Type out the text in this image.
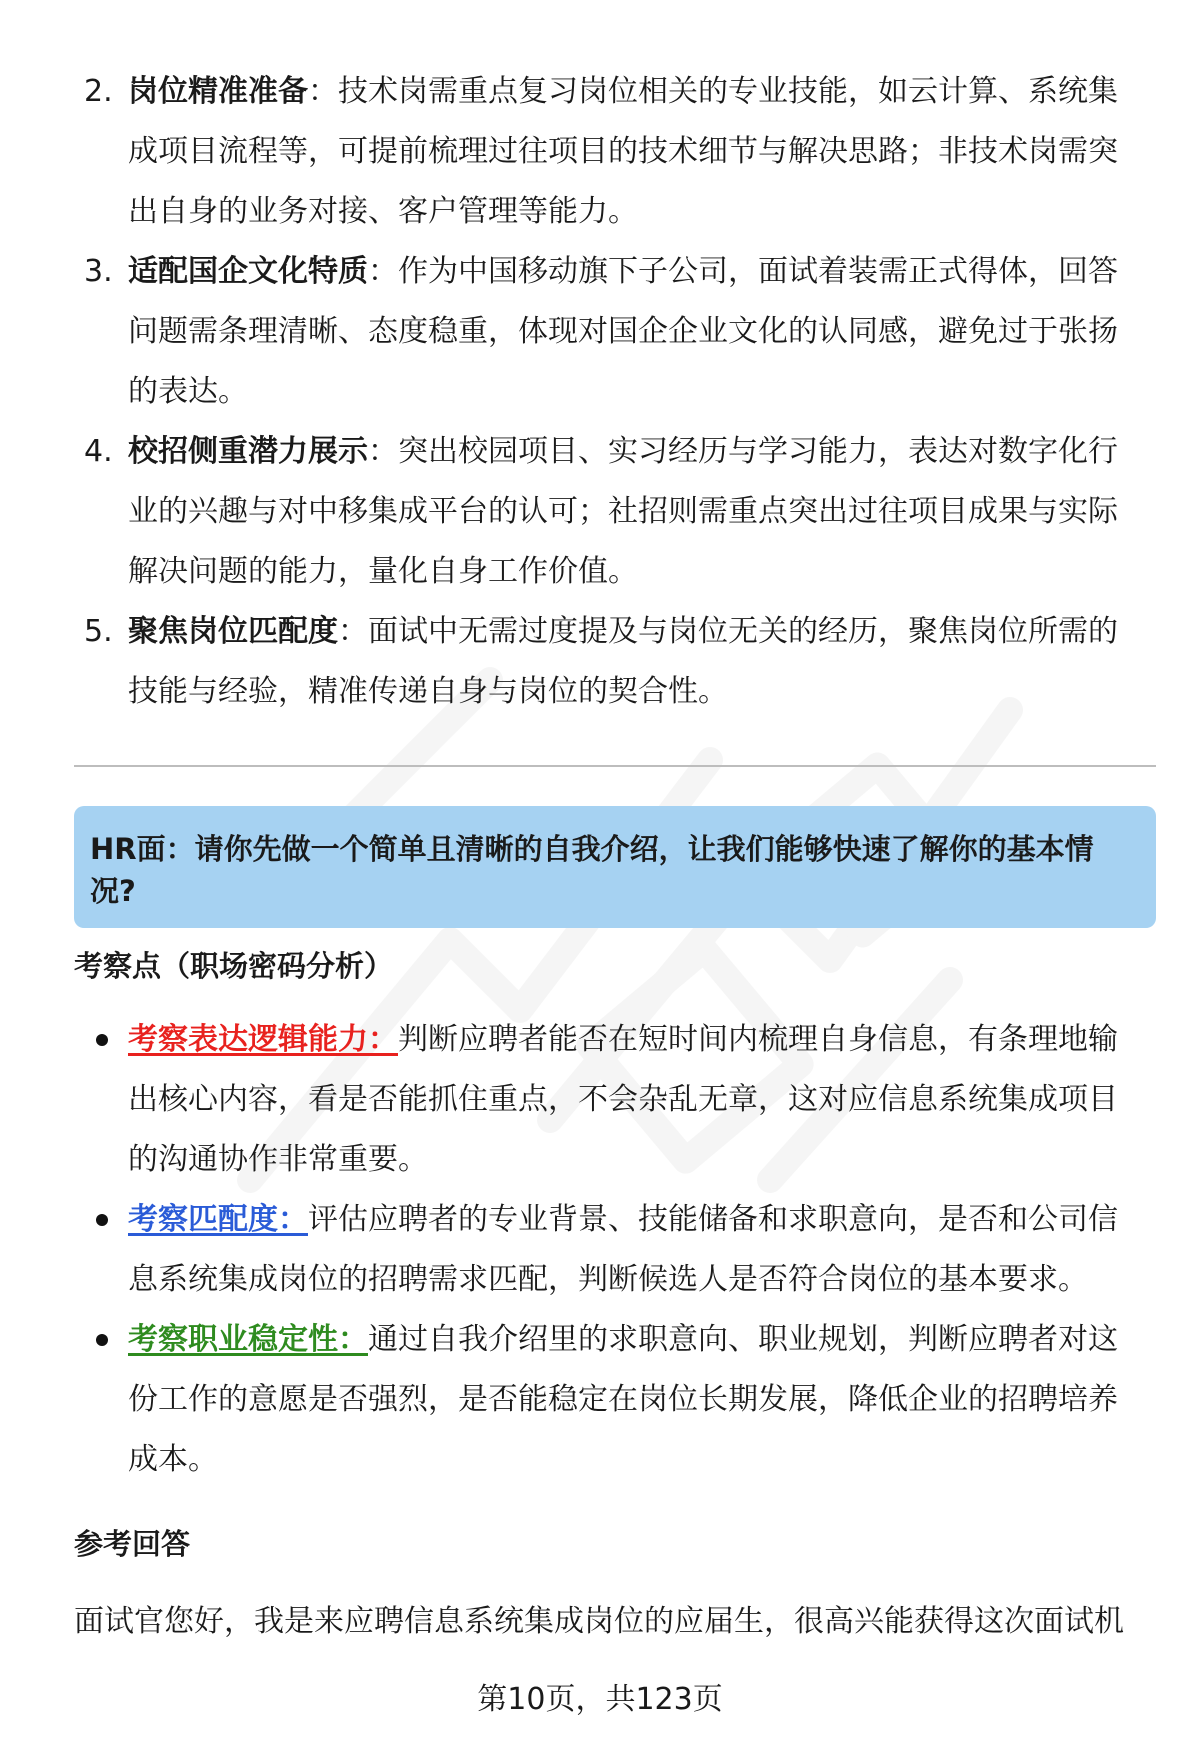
2. 岗位精准准备：技术岗需重点复习岗位相关的专业技能，如云计算、系统集成项目流程等，可提前梳理过往项目的技术细节与解决思路；非技术岗需突出自身的业务对接、客户管理等能力。
3. 适配国企文化特质：作为中国移动旗下子公司，面试着装需正式得体，回答问题需条理清晰、态度稳重，体现对国企企业文化的认同感，避免过于张扬的表达。
4. 校招侧重潜力展示：突出校园项目、实习经历与学习能力，表达对数字化行业的兴趣与对中移集成平台的认可；社招则需重点突出过往项目成果与实际解决问题的能力，量化自身工作价值。
5. 聚焦岗位匹配度：面试中无需过度提及与岗位无关的经历，聚焦岗位所需的技能与经验，精准传递自身与岗位的契合性。
HR面：请你先做一个简单且清晰的自我介绍，让我们能够快速了解你的基本情况?
考察点（职场密码分析）
考察表达逻辑能力：判断应聘者能否在短时间内梳理自身信息，有条理地输出核心内容，看是否能抓住重点，不会杂乱无章，这对应信息系统集成项目的沟通协作非常重要。
考察匹配度：评估应聘者的专业背景、技能储备和求职意向，是否和公司信息系统集成岗位的招聘需求匹配，判断候选人是否符合岗位的基本要求。
考察职业稳定性：通过自我介绍里的求职意向、职业规划，判断应聘者对这份工作的意愿是否强烈，是否能稳定在岗位长期发展，降低企业的招聘培养成本。
参考回答
面试官您好，我是来应聘信息系统集成岗位的应届生，很高兴能获得这次面试机
第10页，共123页
